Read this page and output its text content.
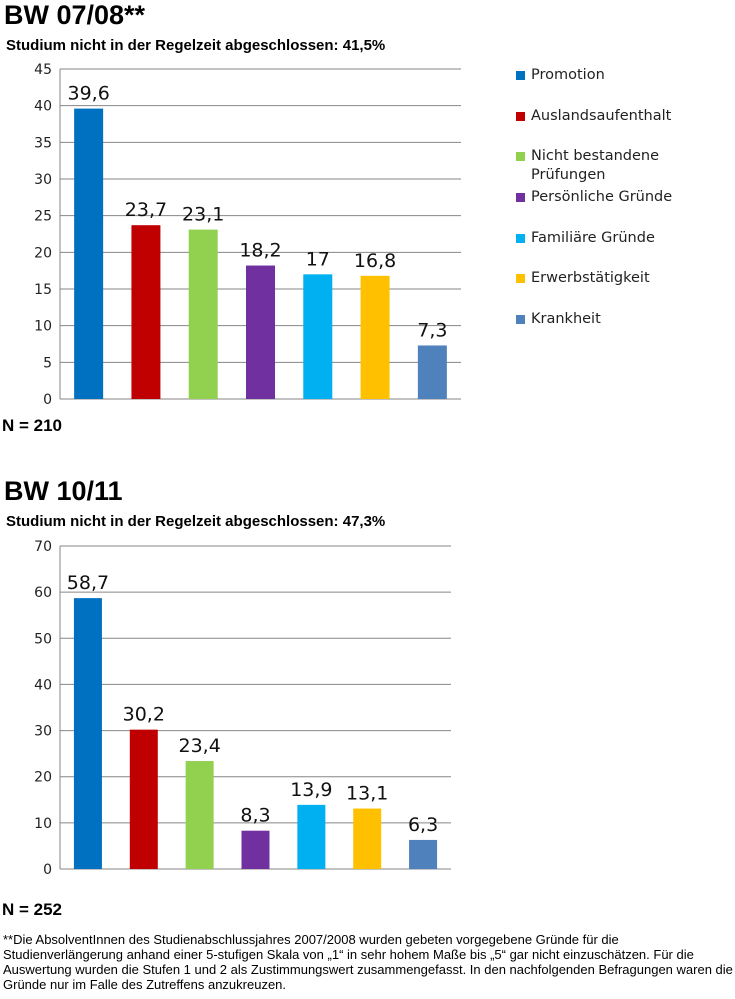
BW 07/08**
Studium nicht in der Regelzeit abgeschlossen: 41,5%
0
5
10
15
20
25
30
35
40
45
39,6
23,7 23,1
18,2 17 16,8
7,3
N = 210
Promotion
Auslandsaufenthalt
Nicht bestandene Prüfungen
Persönliche Gründe
Familiäre Gründe
Erwerbstätigkeit
Krankheit
BW 10/11
Studium nicht in der Regelzeit abgeschlossen: 47,3%
0
10
20
30
40
50
60
70
58,7
30,2
23,4
8,3
13,9 13,1
6,3
N = 252
**Die AbsolventInnen des Studienabschlussjahres 2007/2008 wurden gebeten vorgegebene Gründe für die Studienverlängerung anhand einer 5-stufigen Skala von „1“ in sehr hohem Maße bis „5“ gar nicht einzuschätzen. Für die Auswertung wurden die Stufen 1 und 2 als Zustimmungswert zusammengefasst. In den nachfolgenden Befragungen waren die Gründe nur im Falle des Zutreffens anzukreuzen.
